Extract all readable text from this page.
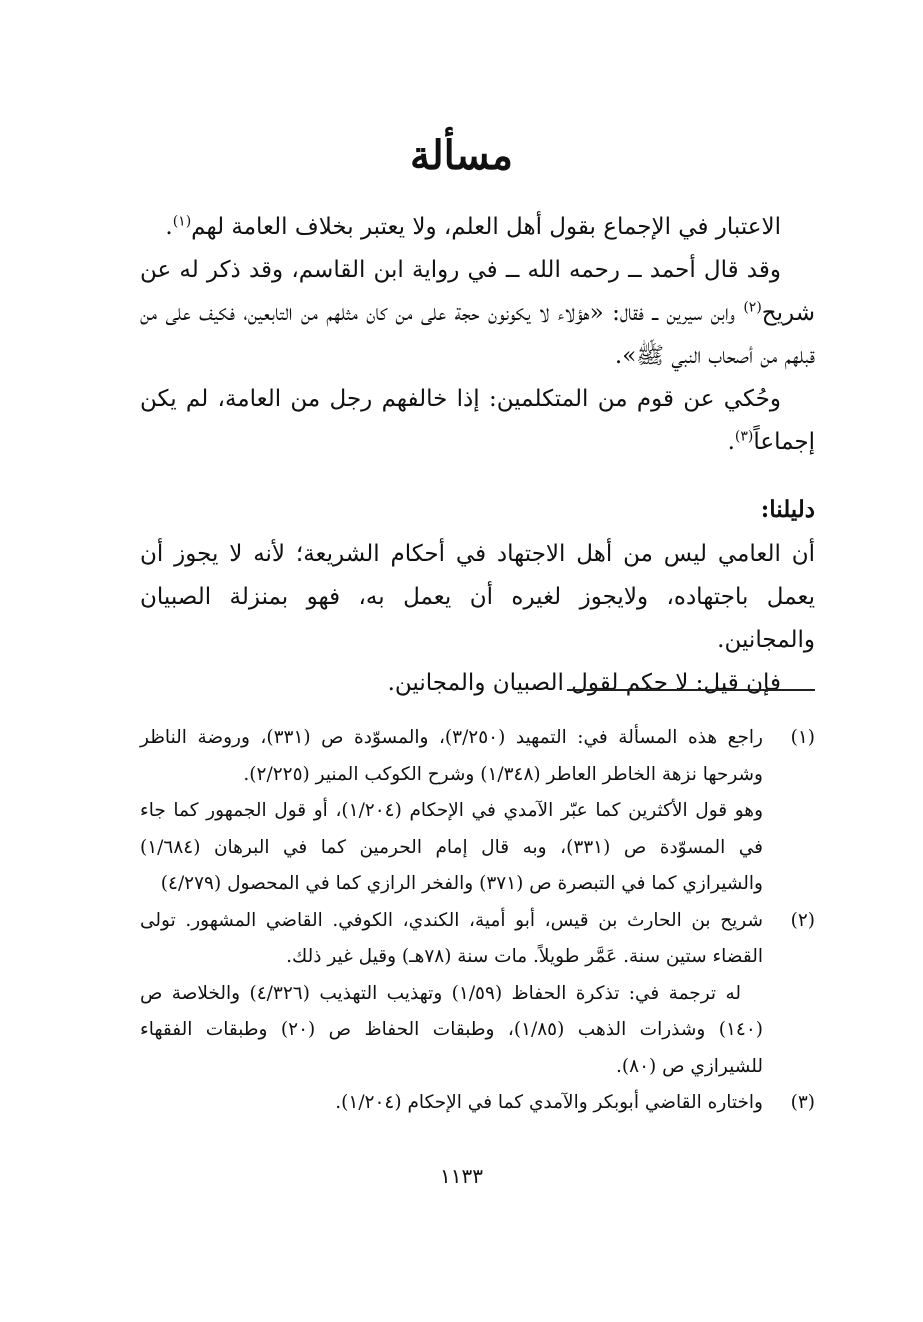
مسألة

الاعتبار في الإجماع بقول أهل العلم، ولا يعتبر بخلاف العامة لهم$^{(١)}$.

وقد قال أحمد ــ رحمه الله ــ في رواية ابن القاسم، وقد ذكر له عن شريح$^{(٢)}$ وابن سيرين ــ فقال: «هؤلاء لا يكونون حجة على من كان مثلهم من التابعين، فكيف على من قبلهم من أصحاب النبي ﷺ».

وحُكي عن قوم من المتكلمين: إذا خالفهم رجل من العامة، لم يكن إجماعاً$^{(٣)}$.

دليلنا:

أن العامي ليس من أهل الاجتهاد في أحكام الشريعة؛ لأنه لا يجوز أن يعمل باجتهاده، ولايجوز لغيره أن يعمل به، فهو بمنزلة الصبيان والمجانين.

فإن قيل: لا حكم لقول الصبيان والمجانين.

(١)

راجع هذه المسألة في: التمهيد (٣/٢٥٠)، والمسوّدة ص (٣٣١)، وروضة الناظر وشرحها نزهة الخاطر العاطر (١/٣٤٨) وشرح الكوكب المنير (٢/٢٢٥).

وهو قول الأكثرين كما عبّر الآمدي في الإحكام (١/٢٠٤)، أو قول الجمهور كما جاء في المسوّدة ص (٣٣١)، وبه قال إمام الحرمين كما في البرهان (١/٦٨٤) والشيرازي كما في التبصرة ص (٣٧١) والفخر الرازي كما في المحصول (٤/٢٧٩)

(٢)

شريح بن الحارث بن قيس، أبو أمية، الكندي، الكوفي. القاضي المشهور. تولى القضاء ستين سنة. عَمَّر طويلاً. مات سنة (٧٨هـ) وقيل غير ذلك.

له ترجمة في: تذكرة الحفاظ (١/٥٩) وتهذيب التهذيب (٤/٣٢٦) والخلاصة ص (١٤٠) وشذرات الذهب (١/٨٥)، وطبقات الحفاظ ص (٢٠) وطبقات الفقهاء للشيرازي ص (٨٠).

(٣)

واختاره القاضي أبوبكر والآمدي كما في الإحكام (١/٢٠٤).

١١٣٣
